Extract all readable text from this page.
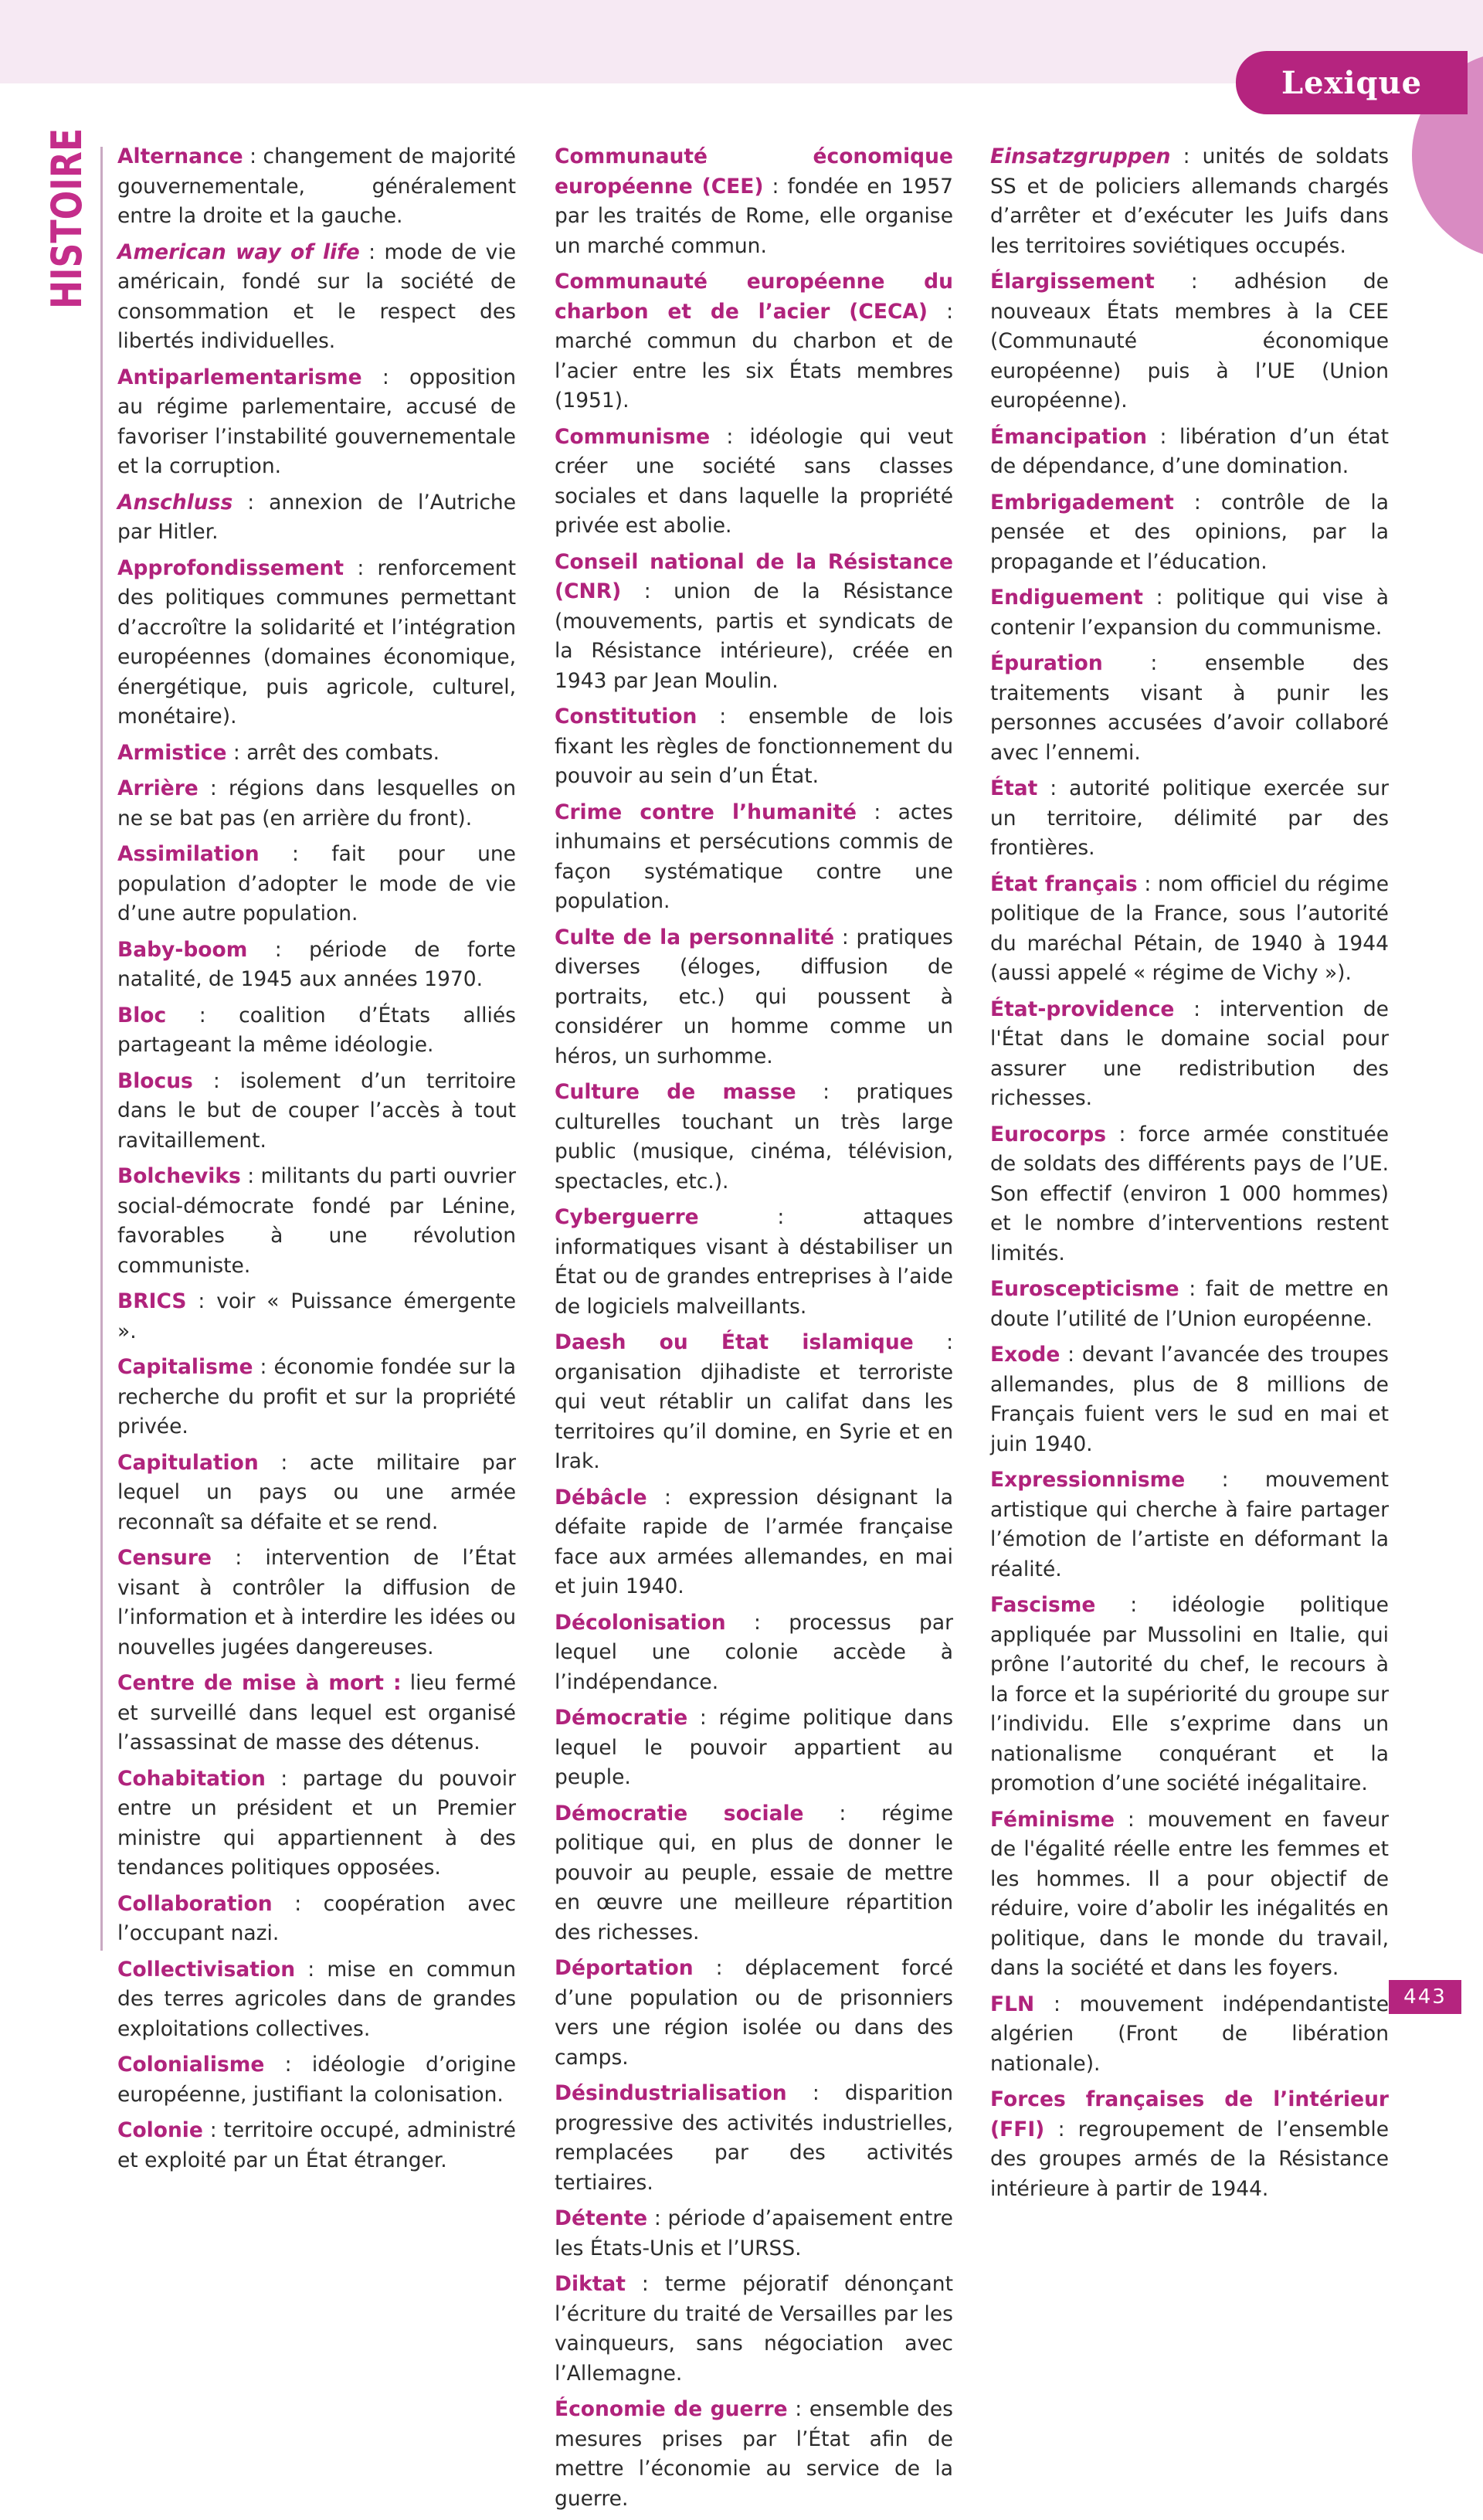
Lexique
HISTOIRE Alternance : changement de majorité gouvernementale, généralement entre la droite et la gauche.

American way of life : mode de vie américain, fondé sur la société de consommation et le respect des libertés individuelles.

Antiparlementarisme : opposition au régime parlementaire, accusé de favoriser l’instabilité gouvernementale et la corruption.

Anschluss : annexion de l’Autriche par Hitler.

Approfondissement : renforcement des politiques communes permettant d’accroître la solidarité et l’intégration européennes (domaines économique, énergétique, puis agricole, culturel, monétaire).

Armistice : arrêt des combats.

Arrière : régions dans lesquelles on ne se bat pas (en arrière du front).

Assimilation : fait pour une population d’adopter le mode de vie d’une autre population.

Baby-boom : période de forte natalité, de 1945 aux années 1970.

Bloc : coalition d’États alliés partageant la même idéologie.

Blocus : isolement d’un territoire dans le but de couper l’accès à tout ravitaillement.

Bolcheviks : militants du parti ouvrier social-démocrate fondé par Lénine, favorables à une révolution communiste.

BRICS : voir « Puissance émergente ».

Capitalisme : économie fondée sur la recherche du profit et sur la propriété privée.

Capitulation : acte militaire par lequel un pays ou une armée reconnaît sa défaite et se rend.

Censure : intervention de l’État visant à contrôler la diffusion de l’information et à interdire les idées ou nouvelles jugées dangereuses.

Centre de mise à mort : lieu fermé et surveillé dans lequel est organisé l’assassinat de masse des détenus.

Cohabitation : partage du pouvoir entre un président et un Premier ministre qui appartiennent à des tendances politiques opposées.

Collaboration : coopération avec l’occupant nazi.

Collectivisation : mise en commun des terres agricoles dans de grandes exploitations collectives.

Colonialisme : idéologie d’origine européenne, justifiant la colonisation.

Colonie : territoire occupé, administré et exploité par un État étranger.

Communauté économique européenne (CEE) : fondée en 1957 par les traités de Rome, elle organise un marché commun.

Communauté européenne du charbon et de l’acier (CECA) : marché commun du charbon et de l’acier entre les six États membres (1951).

Communisme : idéologie qui veut créer une société sans classes sociales et dans laquelle la propriété privée est abolie.

Conseil national de la Résistance (CNR) : union de la Résistance (mouvements, partis et syndicats de la Résistance intérieure), créée en 1943 par Jean Moulin.

Constitution : ensemble de lois fixant les règles de fonctionnement du pouvoir au sein d’un État.

Crime contre l’humanité : actes inhumains et persécutions commis de façon systématique contre une population.

Culte de la personnalité : pratiques diverses (éloges, diffusion de portraits, etc.) qui poussent à considérer un homme comme un héros, un surhomme.

Culture de masse : pratiques culturelles touchant un très large public (musique, cinéma, télévision, spectacles, etc.).

Cyberguerre : attaques informatiques visant à déstabiliser un État ou de grandes entreprises à l’aide de logiciels malveillants.

Daesh ou État islamique : organisation djihadiste et terroriste qui veut rétablir un califat dans les territoires qu’il domine, en Syrie et en Irak.

Débâcle : expression désignant la défaite rapide de l’armée française face aux armées allemandes, en mai et juin 1940.

Décolonisation : processus par lequel une colonie accède à l’indépendance.

Démocratie : régime politique dans lequel le pouvoir appartient au peuple.

Démocratie sociale : régime politique qui, en plus de donner le pouvoir au peuple, essaie de mettre en œuvre une meilleure répartition des richesses.

Déportation : déplacement forcé d’une population ou de prisonniers vers une région isolée ou dans des camps.

Désindustrialisation : disparition progressive des activités industrielles, remplacées par des activités tertiaires.

Détente : période d’apaisement entre les États-Unis et l’URSS.

Diktat : terme péjoratif dénonçant l’écriture du traité de Versailles par les vainqueurs, sans négociation avec l’Allemagne.

Économie de guerre : ensemble des mesures prises par l’État afin de mettre l’économie au service de la guerre.

Einsatzgruppen : unités de soldats SS et de policiers allemands chargés d’arrêter et d’exécuter les Juifs dans les territoires soviétiques occupés.

Élargissement : adhésion de nouveaux États membres à la CEE (Communauté économique européenne) puis à l’UE (Union européenne).

Émancipation : libération d’un état de dépendance, d’une domination.

Embrigadement : contrôle de la pensée et des opinions, par la propagande et l’éducation.

Endiguement : politique qui vise à contenir l’expansion du communisme.

Épuration : ensemble des traitements visant à punir les personnes accusées d’avoir collaboré avec l’ennemi.

État : autorité politique exercée sur un territoire, délimité par des frontières.

État français : nom officiel du régime politique de la France, sous l’autorité du maréchal Pétain, de 1940 à 1944 (aussi appelé « régime de Vichy »).

État-providence : intervention de l'État dans le domaine social pour assurer une redistribution des richesses.

Eurocorps : force armée constituée de soldats des différents pays de l’UE. Son effectif (environ 1 000 hommes) et le nombre d’interventions restent limités.

Euroscepticisme : fait de mettre en doute l’utilité de l’Union européenne.

Exode : devant l’avancée des troupes allemandes, plus de 8 millions de Français fuient vers le sud en mai et juin 1940.

Expressionnisme : mouvement artistique qui cherche à faire partager l’émotion de l’artiste en déformant la réalité.

Fascisme : idéologie politique appliquée par Mussolini en Italie, qui prône l’autorité du chef, le recours à la force et la supériorité du groupe sur l’individu. Elle s’exprime dans un nationalisme conquérant et la promotion d’une société inégalitaire.

Féminisme : mouvement en faveur de l'égalité réelle entre les femmes et les hommes. Il a pour objectif de réduire, voire d’abolir les inégalités en politique, dans le monde du travail, dans la société et dans les foyers.

FLN : mouvement indépendantiste algérien (Front de libération nationale).

Forces françaises de l’intérieur (FFI) : regroupement de l’ensemble des groupes armés de la Résistance intérieure à partir de 1944.

443
